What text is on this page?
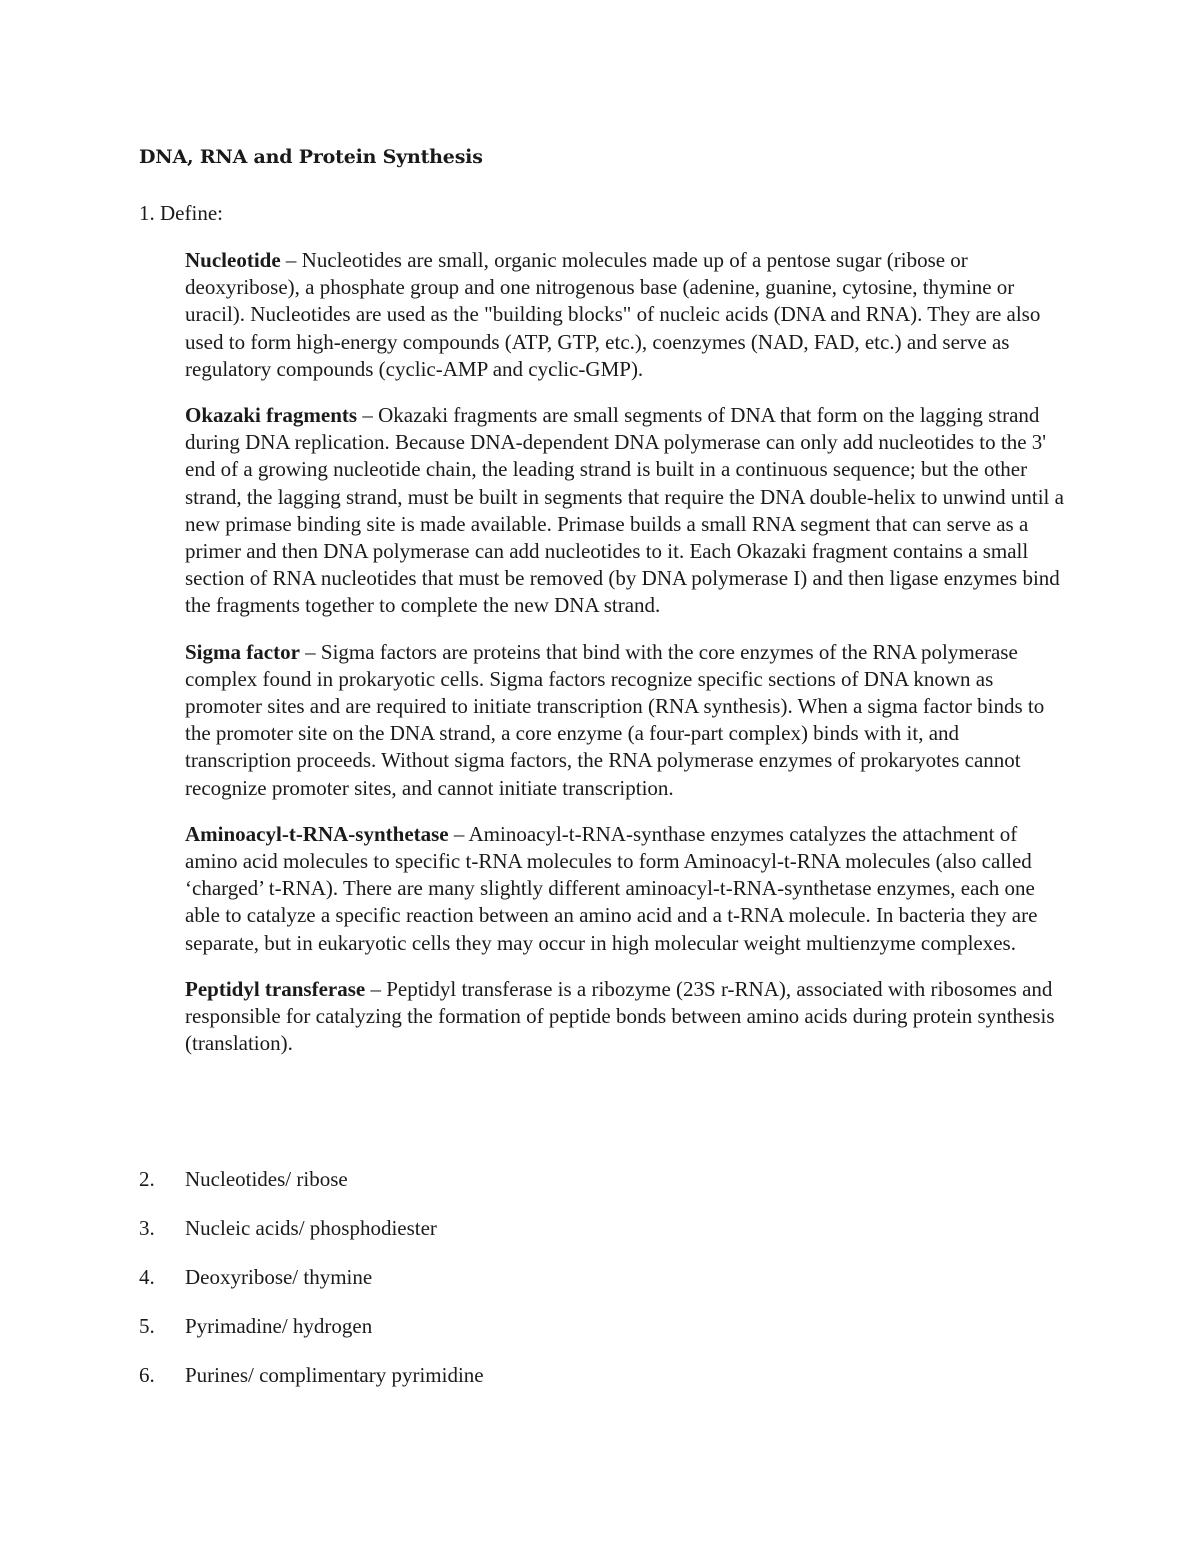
DNA, RNA and Protein Synthesis
1. Define:

Nucleotide – Nucleotides are small, organic molecules made up of a pentose sugar (ribose or deoxyribose), a phosphate group and one nitrogenous base (adenine, guanine, cytosine, thymine or uracil). Nucleotides are used as the "building blocks" of nucleic acids (DNA and RNA). They are also used to form high-energy compounds (ATP, GTP, etc.), coenzymes (NAD, FAD, etc.) and serve as regulatory compounds (cyclic-AMP and cyclic-GMP).

Okazaki fragments – Okazaki fragments are small segments of DNA that form on the lagging strand during DNA replication. Because DNA-dependent DNA polymerase can only add nucleotides to the 3' end of a growing nucleotide chain, the leading strand is built in a continuous sequence; but the other strand, the lagging strand, must be built in segments that require the DNA double-helix to unwind until a new primase binding site is made available. Primase builds a small RNA segment that can serve as a primer and then DNA polymerase can add nucleotides to it. Each Okazaki fragment contains a small section of RNA nucleotides that must be removed (by DNA polymerase I) and then ligase enzymes bind the fragments together to complete the new DNA strand.

Sigma factor – Sigma factors are proteins that bind with the core enzymes of the RNA polymerase complex found in prokaryotic cells. Sigma factors recognize specific sections of DNA known as promoter sites and are required to initiate transcription (RNA synthesis). When a sigma factor binds to the promoter site on the DNA strand, a core enzyme (a four-part complex) binds with it, and transcription proceeds. Without sigma factors, the RNA polymerase enzymes of prokaryotes cannot recognize promoter sites, and cannot initiate transcription.

Aminoacyl-t-RNA-synthetase – Aminoacyl-t-RNA-synthase enzymes catalyzes the attachment of amino acid molecules to specific t-RNA molecules to form Aminoacyl-t-RNA molecules (also called ‘charged’ t-RNA). There are many slightly different aminoacyl-t-RNA-synthetase enzymes, each one able to catalyze a specific reaction between an amino acid and a t-RNA molecule. In bacteria they are separate, but in eukaryotic cells they may occur in high molecular weight multienzyme complexes.

Peptidyl transferase – Peptidyl transferase is a ribozyme (23S r-RNA), associated with ribosomes and responsible for catalyzing the formation of peptide bonds between amino acids during protein synthesis (translation).

2.	Nucleotides/ ribose
3.	Nucleic acids/ phosphodiester
4.	Deoxyribose/ thymine
5.	Pyrimadine/ hydrogen
6.	Purines/ complimentary pyrimidine
